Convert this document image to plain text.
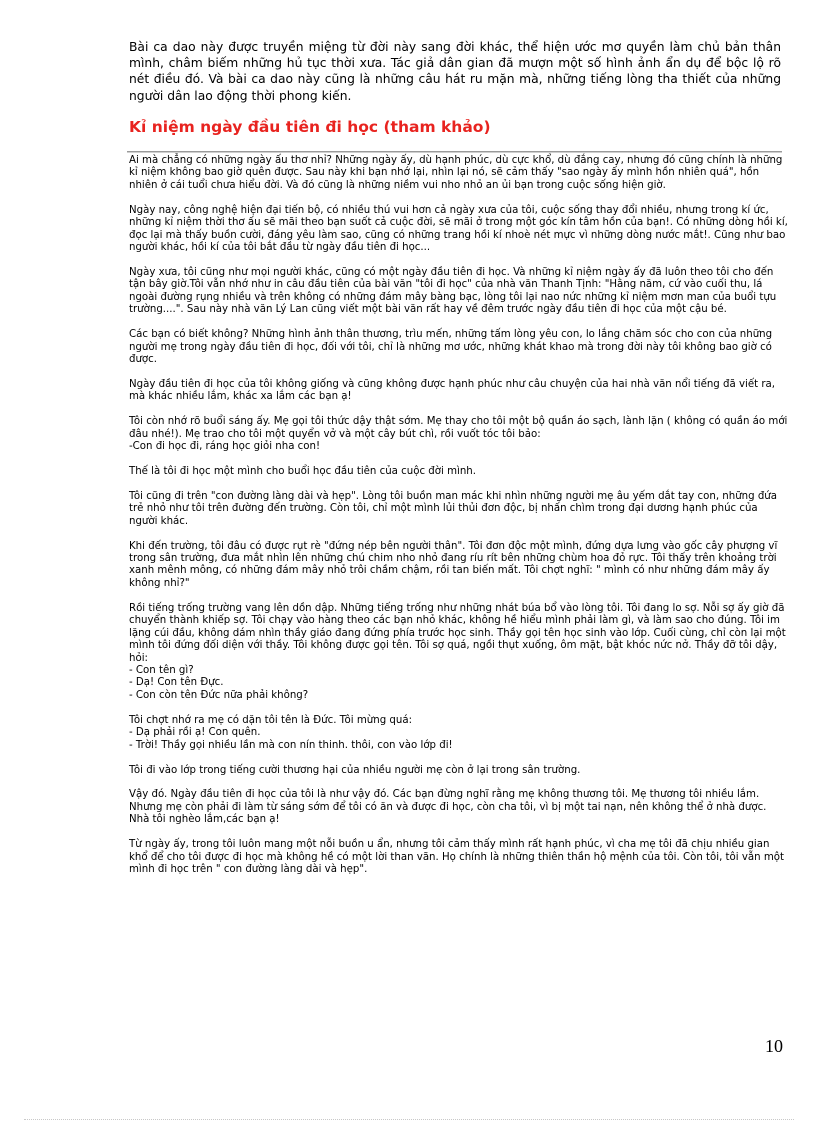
Bài ca dao này được truyền miệng từ đời này sang đời khác, thể hiện ước mơ quyền làm chủ bản thân mình, châm biếm những hủ tục thời xưa. Tác giả dân gian đã mượn một số hình ảnh ẩn dụ để bộc lộ rõ nét điều đó. Và bài ca dao này cũng là những câu hát ru mặn mà, những tiếng lòng tha thiết của những người dân lao động thời phong kiến.

Kỉ niệm ngày đầu tiên đi học (tham khảo)

Ai mà chẳng có những ngày ấu thơ nhỉ? Những ngày ấy, dù hạnh phúc, dù cực khổ, dù đắng cay, nhưng đó cũng chính là những kỉ niệm không bao giờ quên được. Sau này khi bạn nhớ lại, nhìn lại nó, sẽ cảm thấy "sao ngày ấy mình hồn nhiên quá", hồn nhiên ở cái tuổi chưa hiểu đời. Và đó cũng là những niềm vui nho nhỏ an ủi bạn trong cuộc sống hiện giờ.

Ngày nay, công nghệ hiện đại tiến bộ, có nhiều thú vui hơn cả ngày xưa của tôi, cuộc sống thay đổi nhiều, nhưng trong kí ức, những kỉ niệm thời thơ ấu sẽ mãi theo bạn suốt cả cuộc đời, sẽ mãi ở trong một góc kín tâm hồn của bạn!. Có những dòng hồi kí, đọc lại mà thấy buồn cười, đáng yêu làm sao, cũng có những trang hồi kí nhoè nét mực vì những dòng nước mắt!. Cũng như bao người khác, hồi kí của tôi bắt đầu từ ngày đầu tiên đi học...

Ngày xưa, tôi cũng như mọi người khác, cũng có một ngày đầu tiên đi học. Và những kỉ niệm ngày ấy đã luôn theo tôi cho đến tận bây giờ.Tôi vẫn nhớ như in câu đầu tiên của bài văn "tôi đi học" của nhà văn Thanh Tịnh: "Hằng năm, cứ vào cuối thu, lá ngoài đường rụng nhiều và trên không có những đám mây bàng bạc, lòng tôi lại nao nức những kỉ niệm mơn man của buổi tựu trường....". Sau này nhà văn Lý Lan cũng viết một bài văn rất hay về đêm trước ngày đầu tiên đi học của một cậu bé.

Các bạn có biết không? Những hình ảnh thân thương, trìu mến, những tấm lòng yêu con, lo lắng chăm sóc cho con của những người mẹ trong ngày đầu tiên đi học, đối với tôi, chỉ là những mơ ước, những khát khao mà trong đời này tôi không bao giờ có được.

Ngày đầu tiên đi học của tôi không giống và cũng không được hạnh phúc như câu chuyện của hai nhà văn nổi tiếng đã viết ra, mà khác nhiều lắm, khác xa lắm các bạn ạ!

Tôi còn nhớ rõ buổi sáng ấy. Mẹ gọi tôi thức dậy thật sớm. Mẹ thay cho tôi một bộ quần áo sạch, lành lặn ( không có quần áo mới đâu nhé!). Mẹ trao cho tôi một quyển vở và một cây bút chì, rồi vuốt tóc tôi bảo:
-Con đi học đi, ráng học giỏi nha con!

Thế là tôi đi học một mình cho buổi học đầu tiên của cuộc đời mình.

Tôi cũng đi trên "con đường làng dài và hẹp". Lòng tôi buồn man mác khi nhìn những người mẹ âu yếm dắt tay con, những đứa trẻ nhỏ như tôi trên đường đến trường. Còn tôi, chỉ một mình lủi thủi đơn độc, bị nhấn chìm trong đại dương hạnh phúc của người khác.

Khi đến trường, tôi đâu có được rụt rè "đứng nép bên người thân". Tôi đơn độc một mình, đứng dựa lưng vào gốc cây phượng vĩ trong sân trường, đưa mắt nhìn lên những chú chim nho nhỏ đang ríu rít bên những chùm hoa đỏ rực. Tôi thấy trên khoảng trời xanh mênh mông, có những đám mây nhỏ trôi chầm chậm, rồi tan biến mất. Tôi chợt nghĩ: " mình có như những đám mây ấy không nhỉ?"

Rồi tiếng trống trường vang lên dồn dập. Những tiếng trống như những nhát búa bổ vào lòng tôi. Tôi đang lo sợ. Nỗi sợ ấy giờ đã chuyển thành khiếp sợ. Tôi chạy vào hàng theo các bạn nhỏ khác, không hề hiểu mình phải làm gì, và làm sao cho đúng. Tôi im lặng cúi đầu, không dám nhìn thầy giáo đang đứng phía trước học sinh. Thầy gọi tên học sinh vào lớp. Cuối cùng, chỉ còn lại một mình tôi đứng đối diện với thầy. Tôi không được gọi tên. Tôi sợ quá, ngồi thụt xuống, ôm mặt, bật khóc nức nở. Thầy đỡ tôi dậy, hỏi:
- Con tên gì?
- Dạ! Con tên Đực.
- Con còn tên Đức nữa phải không?

Tôi chợt nhớ ra mẹ có dặn tôi tên là Đức. Tôi mừng quá:
- Dạ phải rồi ạ! Con quên.
- Trời! Thầy gọi nhiều lần mà con nín thinh. thôi, con vào lớp đi!

Tôi đi vào lớp trong tiếng cười thương hại của nhiều người mẹ còn ở lại trong sân trường.

Vậy đó. Ngày đầu tiên đi học của tôi là như vậy đó. Các bạn đừng nghĩ rằng mẹ không thương tôi. Mẹ thương tôi nhiều lắm. Nhưng mẹ còn phải đi làm từ sáng sớm để tôi có ăn và được đi học, còn cha tôi, vì bị một tai nạn, nên không thể ở nhà được. Nhà tôi nghèo lắm,các bạn ạ!

Từ ngày ấy, trong tôi luôn mang một nỗi buồn u ẩn, nhưng tôi cảm thấy mình rất hạnh phúc, vì cha mẹ tôi đã chịu nhiều gian khổ để cho tôi được đi học mà không hề có một lời than vãn. Họ chính là những thiên thần hộ mệnh của tôi. Còn tôi, tôi vẫn một mình đi học trên " con đường làng dài và hẹp".

10
